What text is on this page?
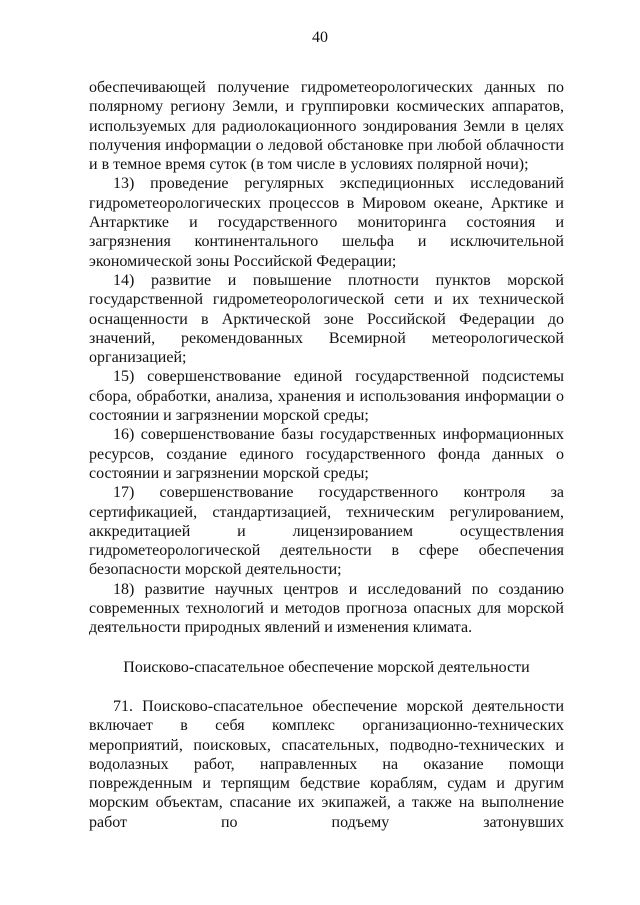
40

обеспечивающей получение гидрометеорологических данных по полярному региону Земли, и группировки космических аппаратов, используемых для радиолокационного зондирования Земли в целях получения информации о ледовой обстановке при любой облачности и в темное время суток (в том числе в условиях полярной ночи);

13) проведение регулярных экспедиционных исследований гидрометеорологических процессов в Мировом океане, Арктике и Антарктике и государственного мониторинга состояния и загрязнения континентального шельфа и исключительной экономической зоны Российской Федерации;

14) развитие и повышение плотности пунктов морской государственной гидрометеорологической сети и их технической оснащенности в Арктической зоне Российской Федерации до значений, рекомендованных Всемирной метеорологической организацией;

15) совершенствование единой государственной подсистемы сбора, обработки, анализа, хранения и использования информации о состоянии и загрязнении морской среды;

16) совершенствование базы государственных информационных ресурсов, создание единого государственного фонда данных о состоянии и загрязнении морской среды;

17) совершенствование государственного контроля за сертификацией, стандартизацией, техническим регулированием, аккредитацией и лицензированием осуществления гидрометеорологической деятельности в сфере обеспечения безопасности морской деятельности;

18) развитие научных центров и исследований по созданию современных технологий и методов прогноза опасных для морской деятельности природных явлений и изменения климата.

Поисково-спасательное обеспечение морской деятельности

71. Поисково-спасательное обеспечение морской деятельности включает в себя комплекс организационно-технических мероприятий, поисковых, спасательных, подводно-технических и водолазных работ, направленных на оказание помощи поврежденным и терпящим бедствие кораблям, судам и другим морским объектам, спасание их экипажей, а также на выполнение работ по подъему затонувших
